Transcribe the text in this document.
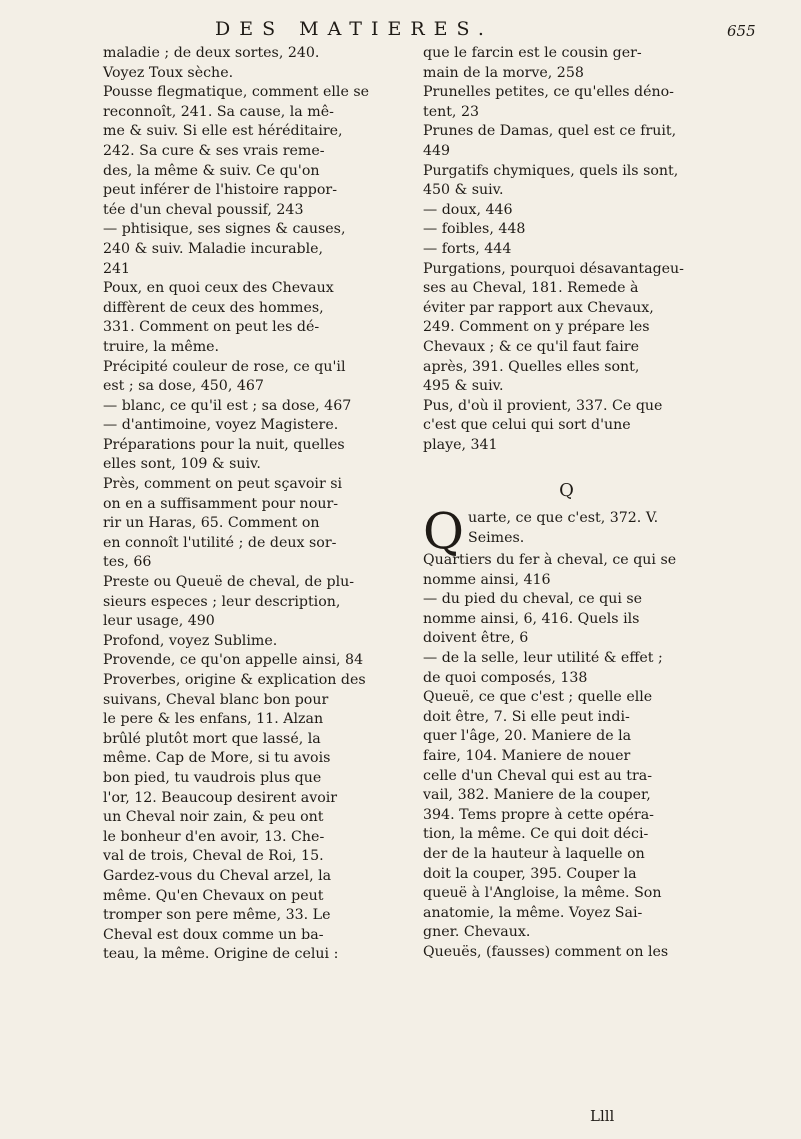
DES MATIERES.	655

maladie ; de deux sortes, 240.
Voyez Toux sèche.

Pousse flegmatique, comment elle se
reconnoît, 241. Sa cause, la mê-
me & suiv. Si elle est héréditaire,
242. Sa cure & ses vrais reme-
des, la même & suiv. Ce qu'on
peut inférer de l'histoire rappor-
tée d'un cheval poussif, 243

— phtisique, ses signes & causes,
240 & suiv. Maladie incurable,
241

Poux, en quoi ceux des Chevaux
diffèrent de ceux des hommes,
331. Comment on peut les dé-
truire, la même.

Précipité couleur de rose, ce qu'il
est ; sa dose, 450, 467

— blanc, ce qu'il est ; sa dose, 467

— d'antimoine, voyez Magistere.

Préparations pour la nuit, quelles
elles sont, 109 & suiv.

Près, comment on peut sçavoir si
on en a suffisamment pour nour-
rir un Haras, 65. Comment on
en connoît l'utilité ; de deux sor-
tes, 66

Preste ou Queuë de cheval, de plu-
sieurs especes ; leur description,
leur usage, 490

Profond, voyez Sublime.

Provende, ce qu'on appelle ainsi, 84

Proverbes, origine & explication des
suivans, Cheval blanc bon pour
le pere & les enfans, 11. Alzan
brûlé plutôt mort que lassé, la
même. Cap de More, si tu avois
bon pied, tu vaudrois plus que
l'or, 12. Beaucoup desirent avoir
un Cheval noir zain, & peu ont
le bonheur d'en avoir, 13. Che-
val de trois, Cheval de Roi, 15.
Gardez-vous du Cheval arzel, la
même. Qu'en Chevaux on peut
tromper son pere même, 33. Le
Cheval est doux comme un ba-
teau, la même. Origine de celui :

que le farcin est le cousin ger-
main de la morve, 258

Prunelles petites, ce qu'elles déno-
tent, 23

Prunes de Damas, quel est ce fruit,
449

Purgatifs chymiques, quels ils sont,
450 & suiv.

— doux, 446

— foibles, 448

— forts, 444

Purgations, pourquoi désavantageu-
ses au Cheval, 181. Remede à
éviter par rapport aux Chevaux,
249. Comment on y prépare les
Chevaux ; & ce qu'il faut faire
après, 391. Quelles elles sont,
495 & suiv.

Pus, d'où il provient, 337. Ce que
c'est que celui qui sort d'une
playe, 341

Q

Quarte, ce que c'est, 372. V.
Seimes.

Quartiers du fer à cheval, ce qui se
nomme ainsi, 416

— du pied du cheval, ce qui se
nomme ainsi, 6, 416. Quels ils
doivent être, 6

— de la selle, leur utilité & effet ;
de quoi composés, 138

Queuë, ce que c'est ; quelle elle
doit être, 7. Si elle peut indi-
quer l'âge, 20. Maniere de la
faire, 104. Maniere de nouer
celle d'un Cheval qui est au tra-
vail, 382. Maniere de la couper,
394. Tems propre à cette opéra-
tion, la même. Ce qui doit déci-
der de la hauteur à laquelle on
doit la couper, 395. Couper la
queuë à l'Angloise, la même. Son
anatomie, la même. Voyez Sai-
gner. Chevaux.

Queuës, (fausses) comment on les

Llll
